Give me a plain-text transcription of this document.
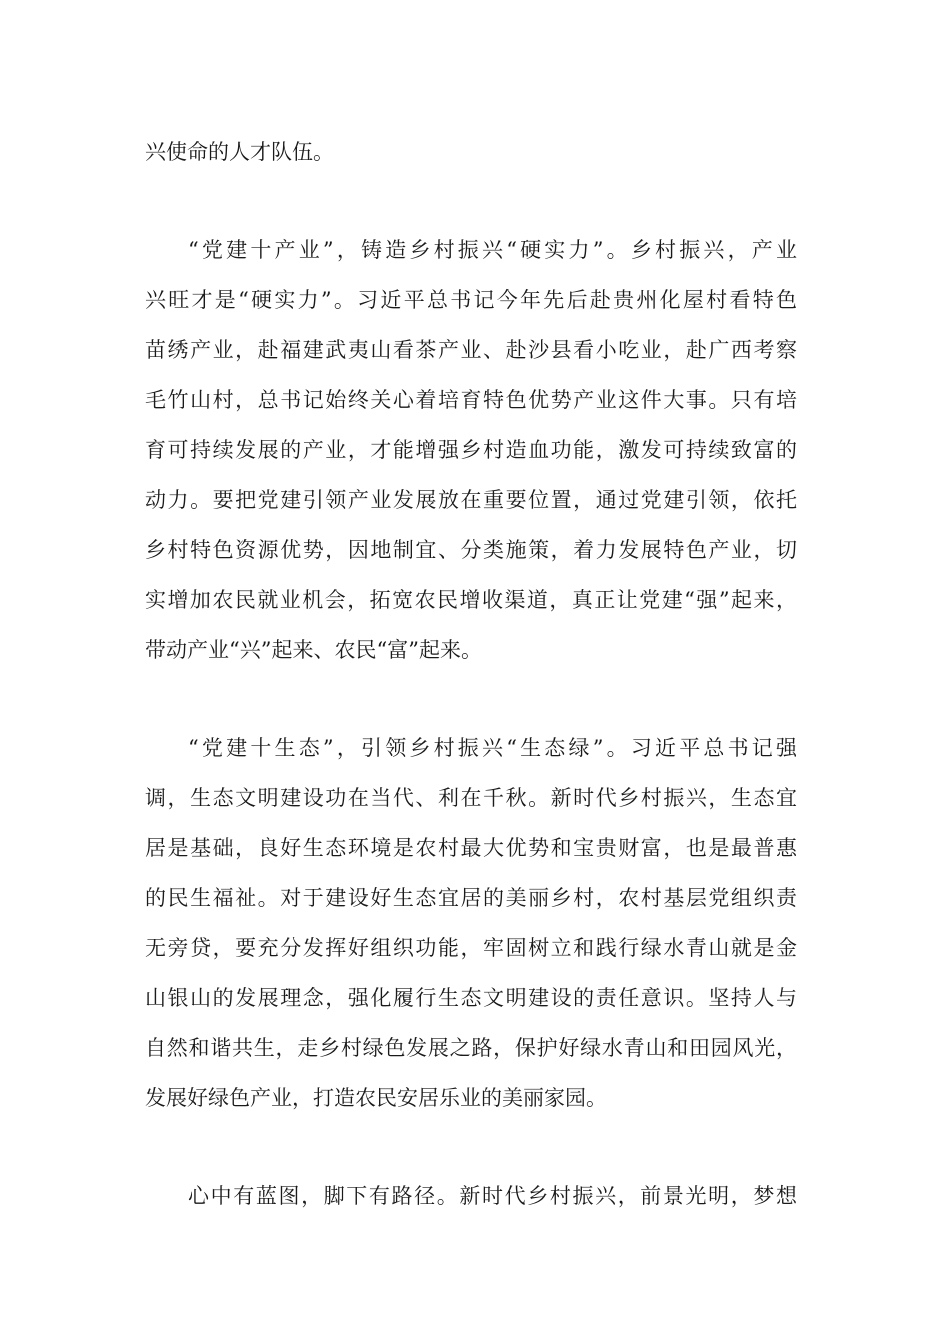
兴使命的人才队伍。
“党建十产业”，铸造乡村振兴“硬实力”。乡村振兴，产业
兴旺才是“硬实力”。习近平总书记今年先后赴贵州化屋村看特色
苗绣产业，赴福建武夷山看茶产业、赴沙县看小吃业，赴广西考察
毛竹山村，总书记始终关心着培育特色优势产业这件大事。只有培
育可持续发展的产业，才能增强乡村造血功能，激发可持续致富的
动力。要把党建引领产业发展放在重要位置，通过党建引领，依托
乡村特色资源优势，因地制宜、分类施策，着力发展特色产业，切
实增加农民就业机会，拓宽农民增收渠道，真正让党建“强”起来，
带动产业“兴”起来、农民“富”起来。
“党建十生态”，引领乡村振兴“生态绿”。习近平总书记强
调，生态文明建设功在当代、利在千秋。新时代乡村振兴，生态宜
居是基础，良好生态环境是农村最大优势和宝贵财富，也是最普惠
的民生福祉。对于建设好生态宜居的美丽乡村，农村基层党组织责
无旁贷，要充分发挥好组织功能，牢固树立和践行绿水青山就是金
山银山的发展理念，强化履行生态文明建设的责任意识。坚持人与
自然和谐共生，走乡村绿色发展之路，保护好绿水青山和田园风光，
发展好绿色产业，打造农民安居乐业的美丽家园。
心中有蓝图，脚下有路径。新时代乡村振兴，前景光明，梦想
